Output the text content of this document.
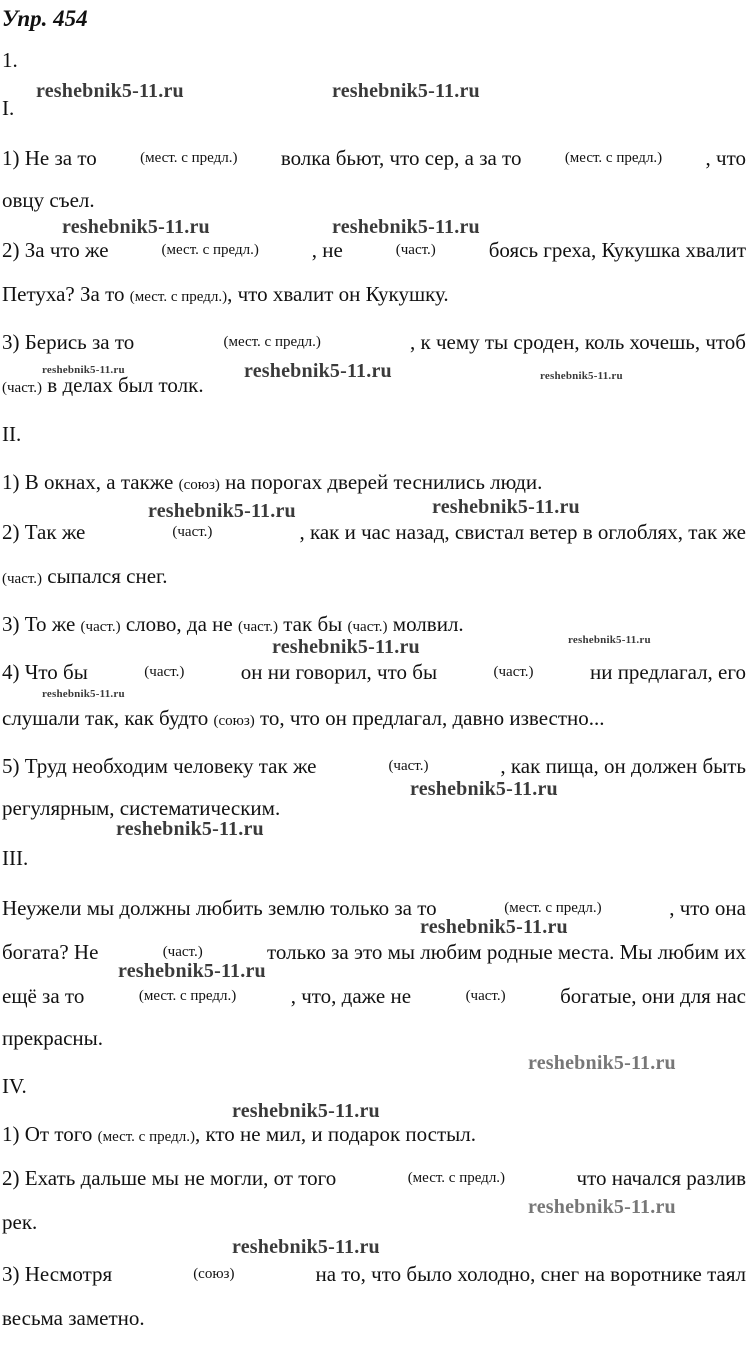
Упр. 454
1.
I.
1) Не за то	(мест. с предл.) волка бьют, что сер, а за то	(мест. с предл.) , что
овцу съел.
2) За что же	(мест. с предл.)	, не	(част.)	боясь греха, Кукушка хвалит
Петуха? За то (мест. с предл.), что хвалит он Кукушку.
3) Берись за то	(мест. с предл.)	, к чему ты сроден, коль хочешь, чтоб
(част.) в делах был толк.
II.
1) В окнах, а также (союз) на порогах дверей теснились люди.
2) Так же	(част.)	, как и час назад, свистал ветер в оглоблях, так же
(част.) сыпался снег.
3) То же (част.) слово, да не (част.) так бы (част.) молвил.
4) Что бы	(част.)	он ни говорил, что бы	(част.)	ни предлагал, его
слушали так, как будто (союз) то, что он предлагал, давно известно...
5) Труд необходим человеку так же	(част.)	, как пища, он должен быть
регулярным, систематическим.
III.
Неужели мы должны любить землю только за то	(мест. с предл.)	, что она
богата? Не	(част.)	только за это мы любим родные места. Мы любим их
ещё за то	(мест. с предл.)	, что, даже не	(част.)	богатые, они для нас
прекрасны.
IV.
1) От того (мест. с предл.), кто не мил, и подарок постыл.
2) Ехать дальше мы не могли, от того	(мест. с предл.)	что начался разлив
рек.
3) Несмотря	(союз)	на то, что было холодно, снег на воротнике таял
весьма заметно.
reshebnik5-11.ru	reshebnik5-11.ru
reshebnik5-11.ru	reshebnik5-11.ru
reshebnik5-11.ru	reshebnik5-11.ru	reshebnik5-11.ru
reshebnik5-11.ru
reshebnik5-11.ru
reshebnik5-11.ru
reshebnik5-11.ru
reshebnik5-11.ru
reshebnik5-11.ru
reshebnik5-11.ru
reshebnik5-11.ru
reshebnik5-11.ru
reshebnik5-11.ru
reshebnik5-11.ru
reshebnik5-11.ru
reshebnik5-11.ru
